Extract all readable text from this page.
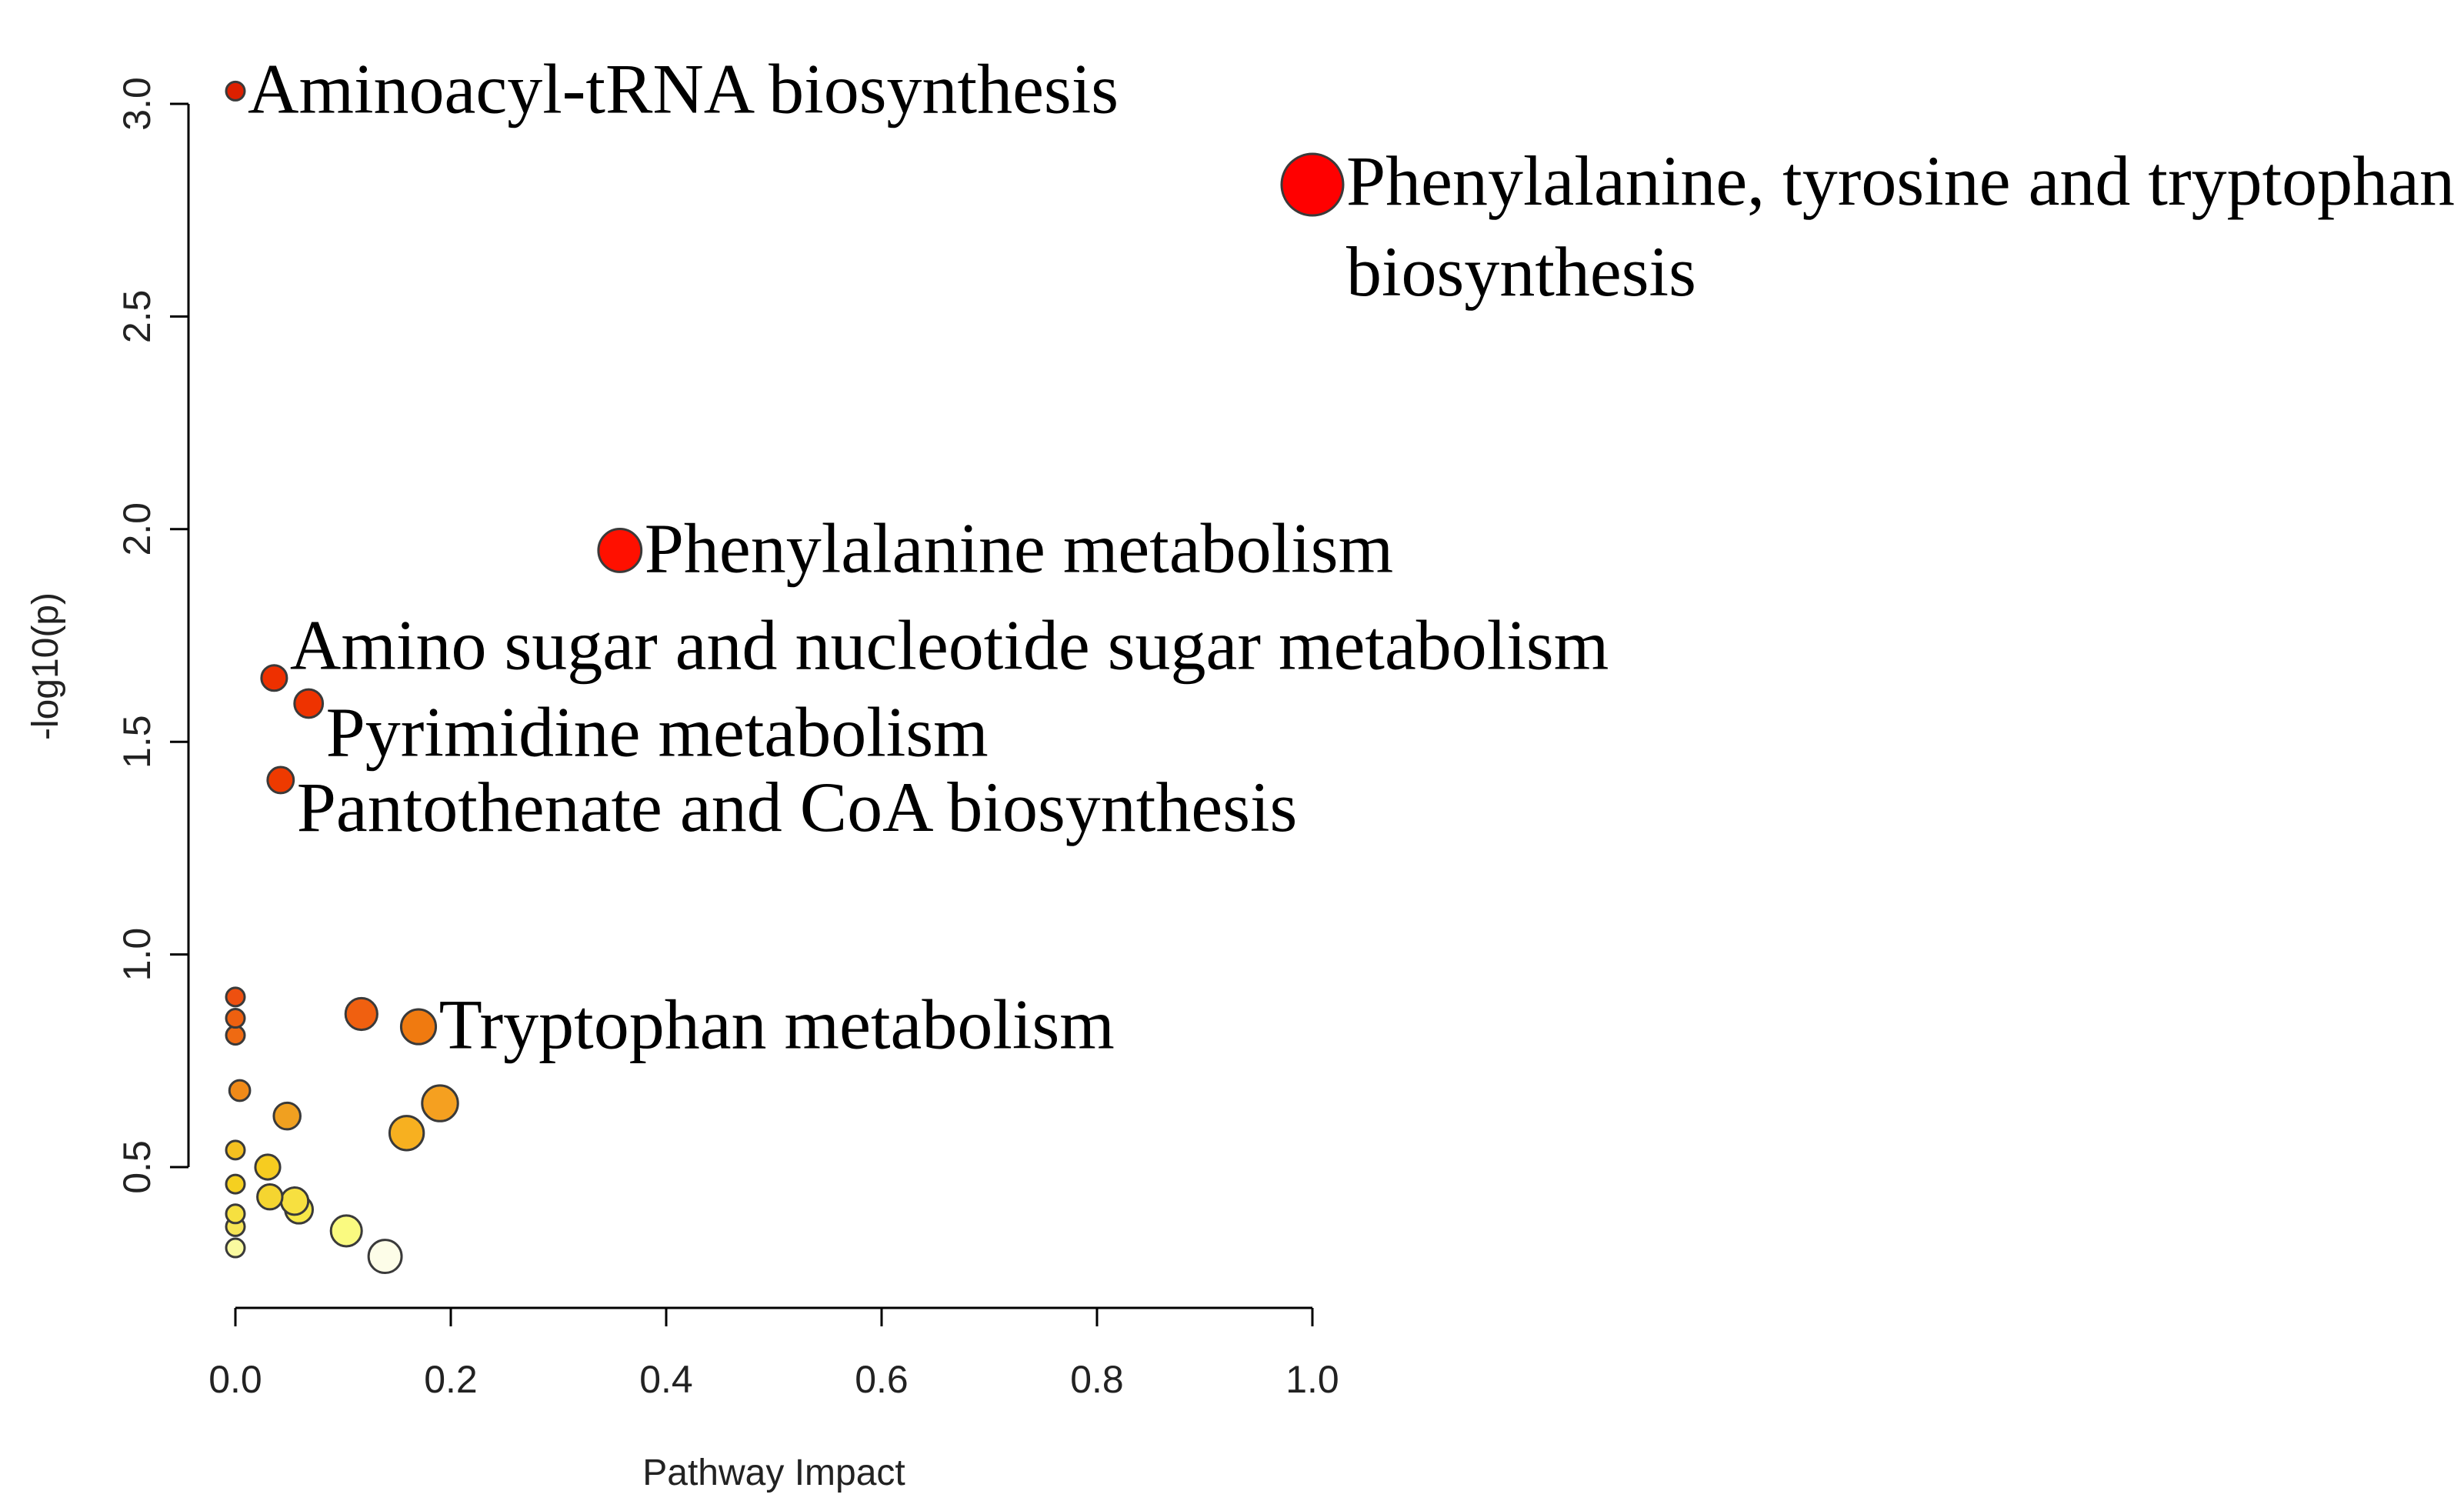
0.0	0.2	0.4	0.6	0.8	1.0
0.5
1.0
1.5
2.0
2.5
3.0
Pathway Impact
-log10(p)
Aminoacyl-tRNA biosynthesis
Phenylalanine, tyrosine and tryptophan biosynthesis
Phenylalanine metabolism
Amino sugar and nucleotide sugar metabolism
Pyrimidine metabolism
Pantothenate and CoA biosynthesis
Tryptophan metabolism
